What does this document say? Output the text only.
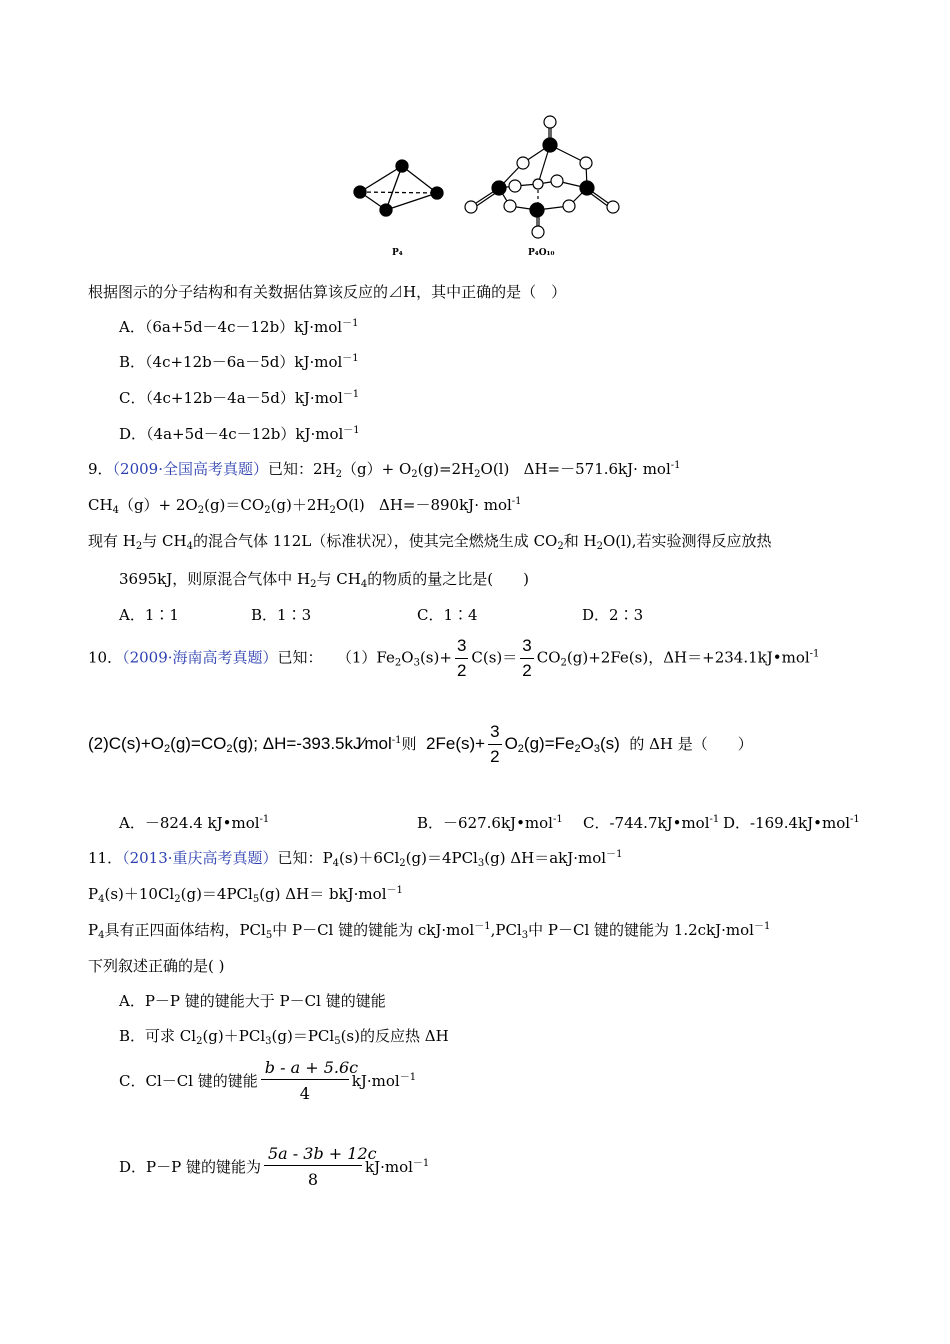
P₄	P₄O₁₀
根据图示的分子结构和有关数据估算该反应的⊿H，其中正确的是（　）
A．（6a+5d－4c－12b）kJ·mol$^{-1}$
B．（4c+12b－6a－5d）kJ·mol$^{-1}$
C．（4c+12b－4a－5d）kJ·mol$^{-1}$
D．（4a+5d－4c－12b）kJ·mol$^{-1}$
9．（2009·全国高考真题）已知：$2H_2(g)+ O_2(g)=2H_2O(l)$   ΔH=－571.6kJ· mol$^{-1}$
$CH_4(g)+ 2O_2(g)=CO_2(g)+2H_2O(l)$   ΔH=－890kJ· mol$^{-1}$
现有 $H_2$与 $CH_4$的混合气体 112L（标准状况），使其完全燃烧生成 $CO_2$和 $H_2O(l)$,若实验测得反应放热
3695kJ，则原混合气体中 $H_2$与 $CH_4$的物质的量之比是(　　)
A．1∶1	B．1∶3	C．1∶4	D．2∶3
10．（2009·海南高考真题）已知： $(1)Fe_2O_3(s)+ \frac{3}{2} C(s)= \frac{3}{2} CO_2(g)+2Fe(s)$，ΔH＝+234.1kJ•mol$^{-1}$
$(2)C(s)+O_2(g)=CO_2(g)$; ΔH=-393.5kJ⁄mol$^{-1}$则 $2Fe(s)+ \frac{3}{2} O_2(g)=Fe_2O_3(s)$ 的 ΔH 是（　　）
A．－824.4 kJ•mol$^{-1}$	B．－627.6kJ•mol$^{-1}$ C．-744.7kJ•mol$^{-1}$ D．-169.4kJ•mol$^{-1}$
11．（2013·重庆高考真题）已知：$P_4(s)+6Cl_2(g)=4PCl_3(g)$ ΔH＝akJ·mol$^{-1}$
$P_4(s)+10Cl_2(g)=4PCl_5(g)$ ΔH＝ bkJ·mol$^{-1}$
$P_4$具有正四面体结构，PCl$_5$中 P－Cl 键的键能为 ckJ·mol$^{-1}$,PCl$_3$中 P－Cl 键的键能为 1.2ckJ·mol$^{-1}$
下列叙述正确的是( )
A．P－P 键的键能大于 P－Cl 键的键能
B．可求 $Cl_2(g)+PCl_3(g)=PCl_5(s)$的反应热 ΔH
C．Cl－Cl 键的键能 $\frac{b - a + 5.6c}{4} kJ\cdot mol^{-1}$
D．P－P 键的键能为 $\frac{5a - 3b + 12c}{8} kJ\cdot mol^{-1}$
